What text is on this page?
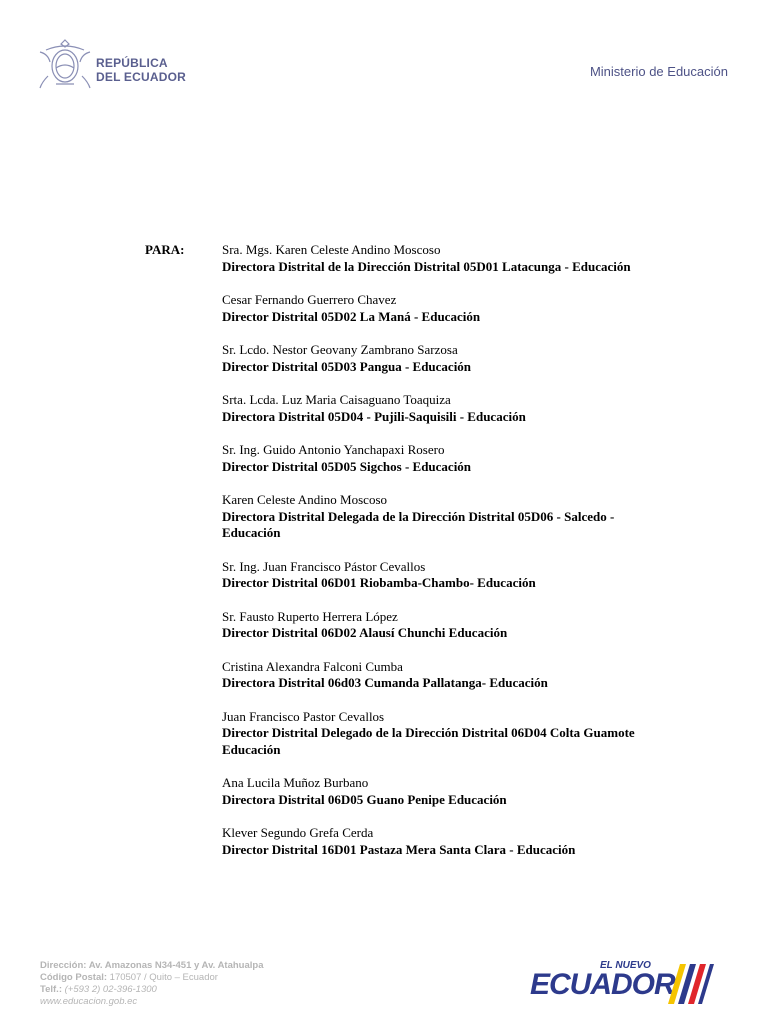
REPÚBLICA
DEL ECUADOR	Ministerio de Educación
PARA:	Sra. Mgs. Karen Celeste Andino Moscoso
Directora Distrital de la Dirección Distrital 05D01 Latacunga - Educación
Cesar Fernando Guerrero Chavez
Director Distrital 05D02 La Maná - Educación
Sr. Lcdo. Nestor Geovany Zambrano Sarzosa
Director Distrital 05D03 Pangua - Educación
Srta. Lcda. Luz Maria Caisaguano Toaquiza
Directora Distrital 05D04 - Pujili-Saquisili - Educación
Sr. Ing. Guido Antonio Yanchapaxi Rosero
Director Distrital 05D05 Sigchos - Educación
Karen Celeste Andino Moscoso
Directora Distrital Delegada de la Dirección Distrital 05D06 - Salcedo - Educación
Sr. Ing. Juan Francisco Pástor Cevallos
Director Distrital 06D01 Riobamba-Chambo- Educación
Sr. Fausto Ruperto Herrera López
Director Distrital 06D02 Alausí Chunchi Educación
Cristina Alexandra Falconi Cumba
Directora Distrital 06d03 Cumanda Pallatanga- Educación
Juan Francisco Pastor Cevallos
Director Distrital Delegado de la Dirección Distrital 06D04 Colta Guamote Educación
Ana Lucila Muñoz Burbano
Directora Distrital 06D05 Guano Penipe Educación
Klever Segundo Grefa Cerda
Director Distrital 16D01 Pastaza Mera Santa Clara - Educación
Dirección: Av. Amazonas N34-451 y Av. Atahualpa
Código Postal: 170507 / Quito – Ecuador
Telf.: (+593 2) 02-396-1300
www.educacion.gob.ec
EL NUEVO
ECUADOR
